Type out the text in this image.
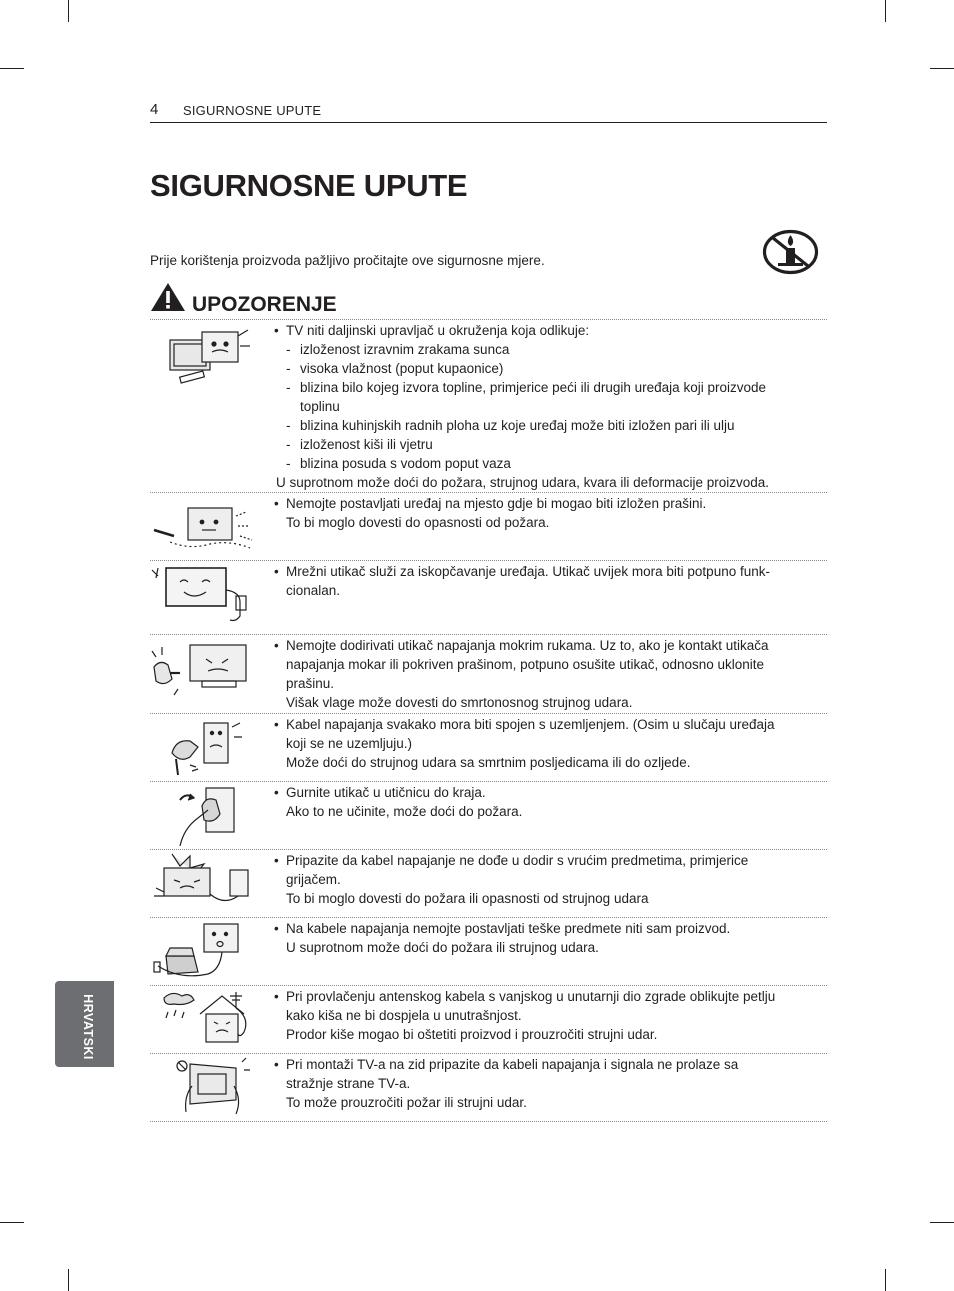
4 SIGURNOSNE UPUTE
SIGURNOSNE UPUTE
Prije korištenja proizvoda pažljivo pročitajte ove sigurnosne mjere.
UPOZORENJE
• TV niti daljinski upravljač u okruženja koja odlikuje:
- izloženost izravnim zrakama sunca
- visoka vlažnost (poput kupaonice)
- blizina bilo kojeg izvora topline, primjerice peći ili drugih uređaja koji proizvode
toplinu
- blizina kuhinjskih radnih ploha uz koje uređaj može biti izložen pari ili ulju
- izloženost kiši ili vjetru
- blizina posuda s vodom poput vaza
U suprotnom može doći do požara, strujnog udara, kvara ili deformacije proizvoda.
• Nemojte postavljati uređaj na mjesto gdje bi mogao biti izložen prašini.
To bi moglo dovesti do opasnosti od požara.
• Mrežni utikač služi za iskopčavanje uređaja. Utikač uvijek mora biti potpuno funk-
cionalan.
• Nemojte dodirivati utikač napajanja mokrim rukama. Uz to, ako je kontakt utikača
napajanja mokar ili pokriven prašinom, potpuno osušite utikač, odnosno uklonite
prašinu.
Višak vlage može dovesti do smrtonosnog strujnog udara.
• Kabel napajanja svakako mora biti spojen s uzemljenjem. (Osim u slučaju uređaja
koji se ne uzemljuju.)
Može doći do strujnog udara sa smrtnim posljedicama ili do ozljede.
• Gurnite utikač u utičnicu do kraja.
Ako to ne učinite, može doći do požara.
• Pripazite da kabel napajanje ne dođe u dodir s vrućim predmetima, primjerice
grijačem.
To bi moglo dovesti do požara ili opasnosti od strujnog udara
• Na kabele napajanja nemojte postavljati teške predmete niti sam proizvod.
U suprotnom može doći do požara ili strujnog udara.
• Pri provlačenju antenskog kabela s vanjskog u unutarnji dio zgrade oblikujte petlju
kako kiša ne bi dospjela u unutrašnjost.
Prodor kiše mogao bi oštetiti proizvod i prouzročiti strujni udar.
• Pri montaži TV-a na zid pripazite da kabeli napajanja i signala ne prolaze sa
stražnje strane TV-a.
To može prouzročiti požar ili strujni udar.
HRVATSKI
